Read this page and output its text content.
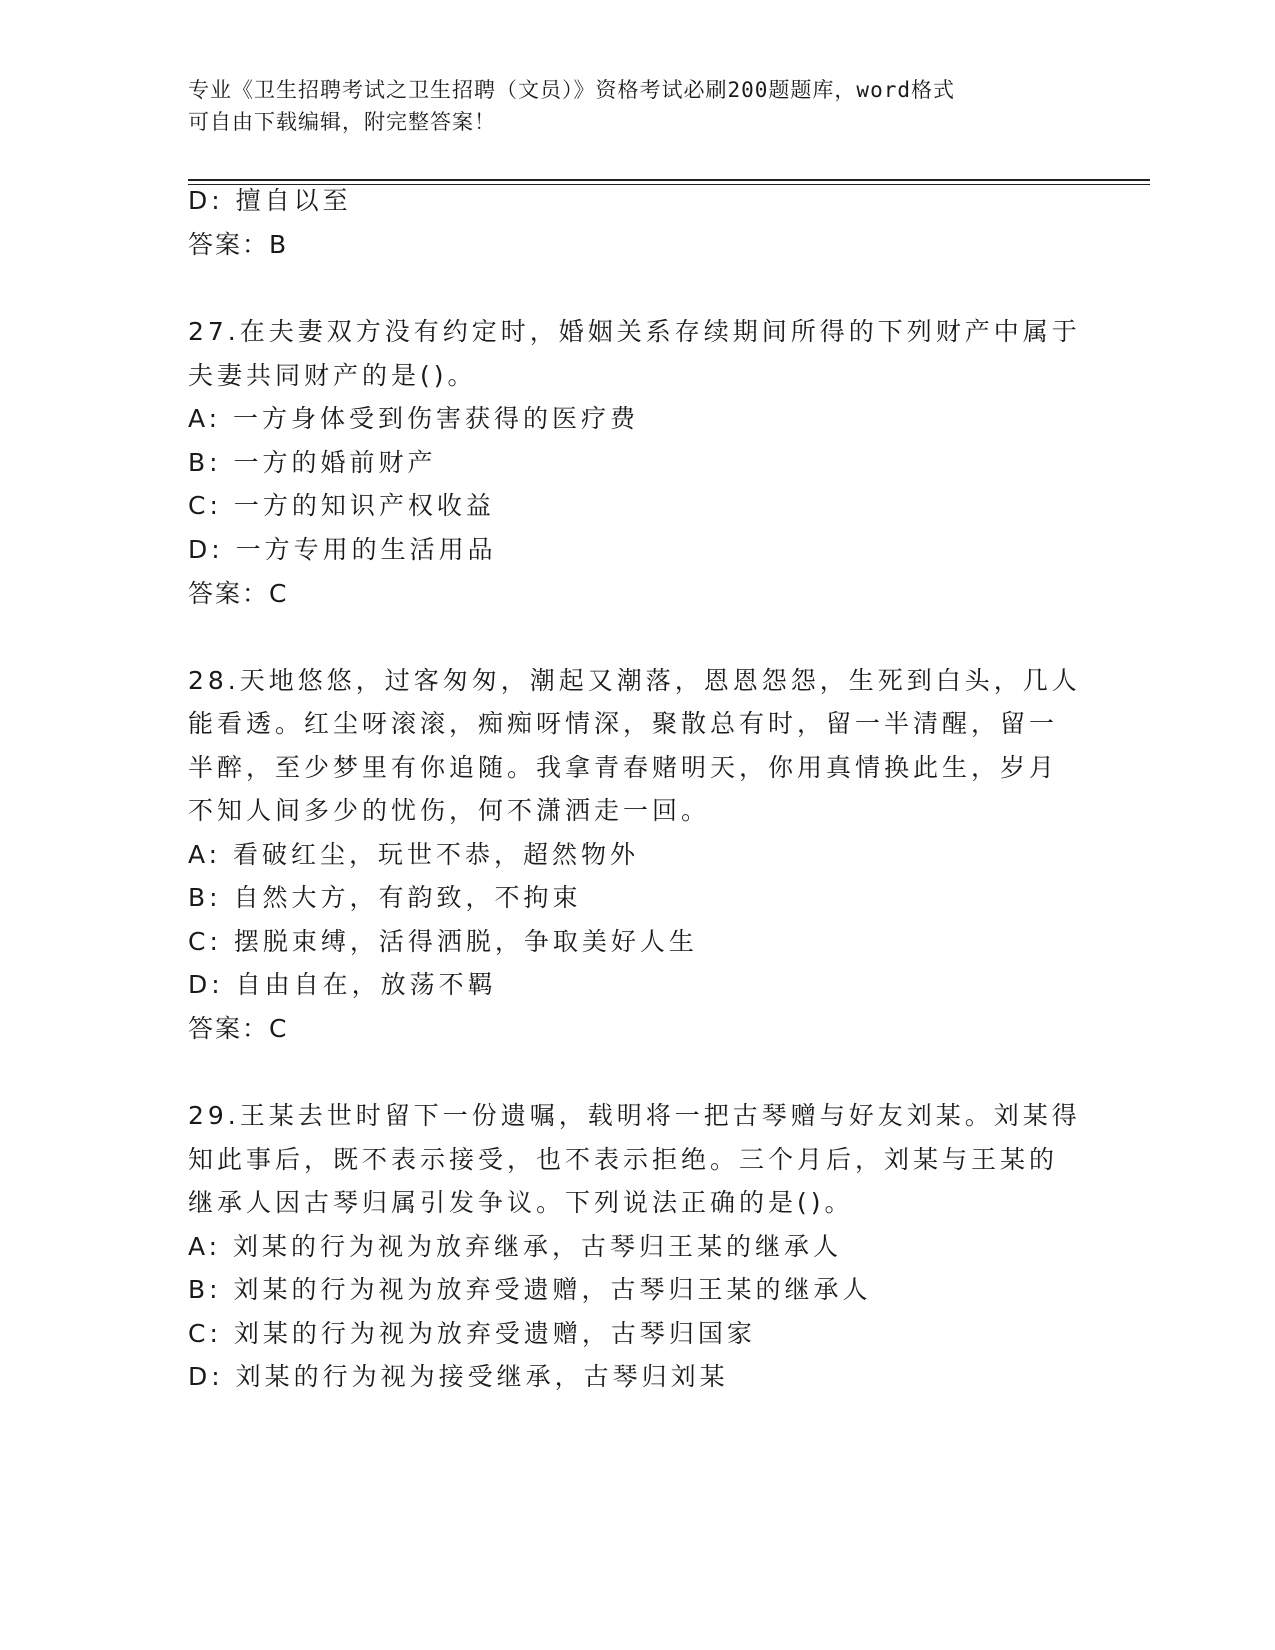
专业《卫生招聘考试之卫生招聘（文员）》资格考试必刷200题题库，word格式
可自由下载编辑，附完整答案！
D: 擅自以至
答案：B
27.在夫妻双方没有约定时，婚姻关系存续期间所得的下列财产中属于
夫妻共同财产的是()。
A: 一方身体受到伤害获得的医疗费
B: 一方的婚前财产
C: 一方的知识产权收益
D: 一方专用的生活用品
答案：C
28.天地悠悠，过客匆匆，潮起又潮落，恩恩怨怨，生死到白头，几人
能看透。红尘呀滚滚，痴痴呀情深，聚散总有时，留一半清醒，留一
半醉，至少梦里有你追随。我拿青春赌明天，你用真情换此生，岁月
不知人间多少的忧伤，何不潇洒走一回。
A: 看破红尘，玩世不恭，超然物外
B: 自然大方，有韵致，不拘束
C: 摆脱束缚，活得洒脱，争取美好人生
D: 自由自在，放荡不羁
答案：C
29.王某去世时留下一份遗嘱，载明将一把古琴赠与好友刘某。刘某得
知此事后，既不表示接受，也不表示拒绝。三个月后，刘某与王某的
继承人因古琴归属引发争议。下列说法正确的是()。
A: 刘某的行为视为放弃继承，古琴归王某的继承人
B: 刘某的行为视为放弃受遗赠，古琴归王某的继承人
C: 刘某的行为视为放弃受遗赠，古琴归国家
D: 刘某的行为视为接受继承，古琴归刘某
